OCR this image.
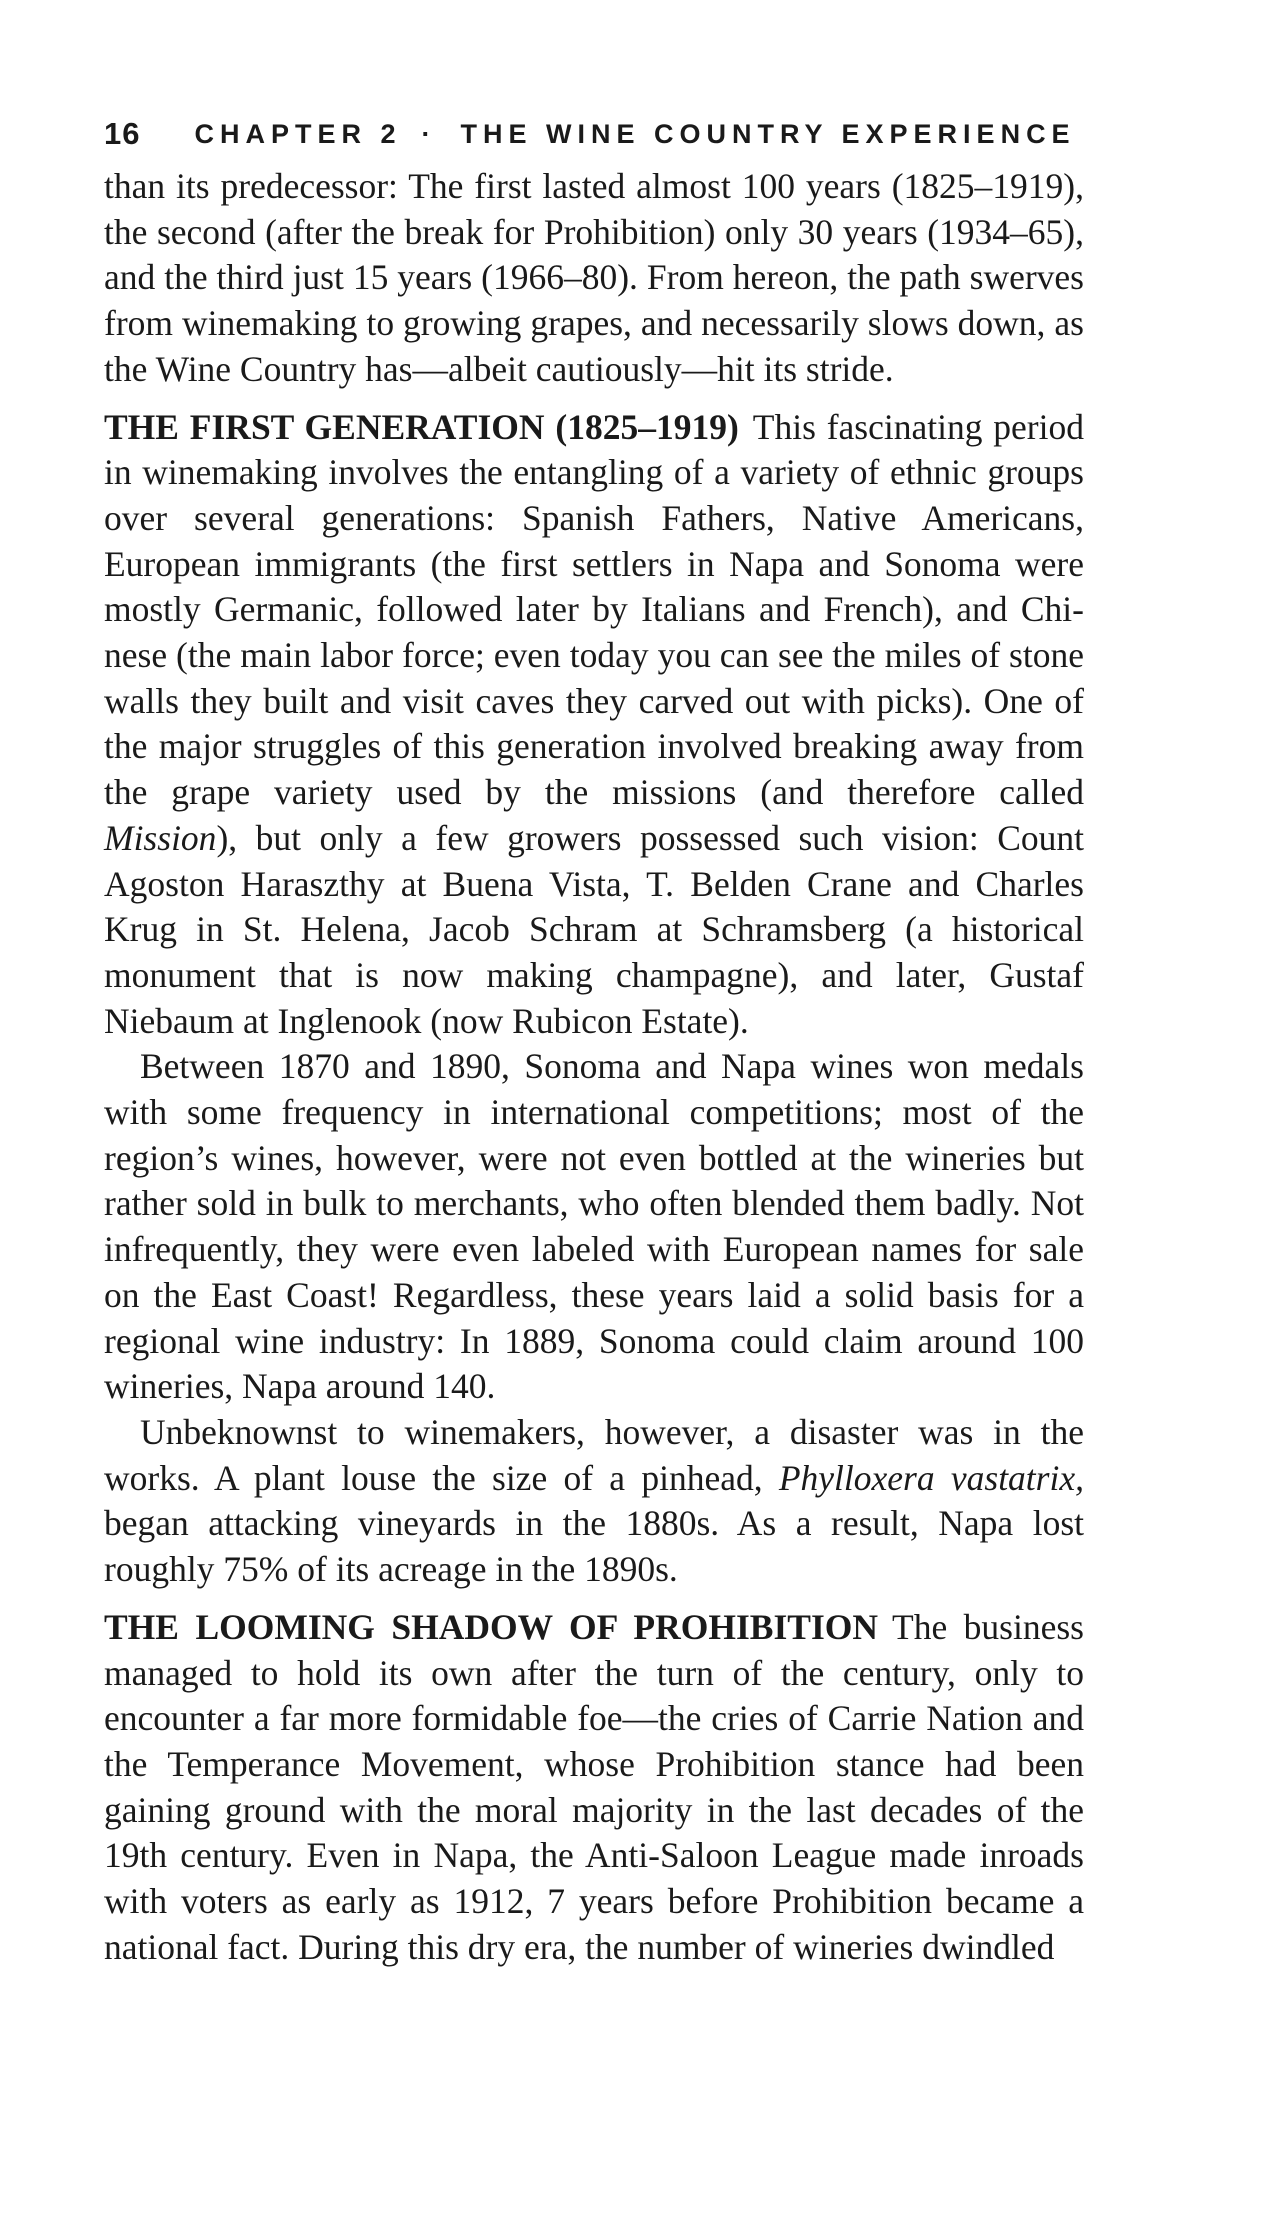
16 CHAPTER 2 · THE WINE COUNTRY EXPERIENCE

than its predecessor: The first lasted almost 100 years (1825–1919), the second (after the break for Prohibition) only 30 years (1934–65), and the third just 15 years (1966–80). From hereon, the path swerves from winemaking to growing grapes, and necessarily slows down, as the Wine Country has—albeit cautiously—hit its stride.

THE FIRST GENERATION (1825–1919) This fascinating period in winemaking involves the entangling of a variety of ethnic groups over several generations: Spanish Fathers, Native Americans, European immigrants (the first settlers in Napa and Sonoma were mostly Germanic, followed later by Italians and French), and Chinese (the main labor force; even today you can see the miles of stone walls they built and visit caves they carved out with picks). One of the major struggles of this generation involved breaking away from the grape variety used by the missions (and therefore called Mission), but only a few growers possessed such vision: Count Agoston Haraszthy at Buena Vista, T. Belden Crane and Charles Krug in St. Helena, Jacob Schram at Schramsberg (a historical monument that is now making champagne), and later, Gustaf Niebaum at Inglenook (now Rubicon Estate).

Between 1870 and 1890, Sonoma and Napa wines won medals with some frequency in international competitions; most of the region’s wines, however, were not even bottled at the wineries but rather sold in bulk to merchants, who often blended them badly. Not infrequently, they were even labeled with European names for sale on the East Coast! Regardless, these years laid a solid basis for a regional wine industry: In 1889, Sonoma could claim around 100 wineries, Napa around 140.

Unbeknownst to winemakers, however, a disaster was in the works. A plant louse the size of a pinhead, Phylloxera vastatrix, began attacking vineyards in the 1880s. As a result, Napa lost roughly 75% of its acreage in the 1890s.

THE LOOMING SHADOW OF PROHIBITION The business managed to hold its own after the turn of the century, only to encounter a far more formidable foe—the cries of Carrie Nation and the Temperance Movement, whose Prohibition stance had been gaining ground with the moral majority in the last decades of the 19th century. Even in Napa, the Anti-Saloon League made inroads with voters as early as 1912, 7 years before Prohibition became a national fact. During this dry era, the number of wineries dwindled
